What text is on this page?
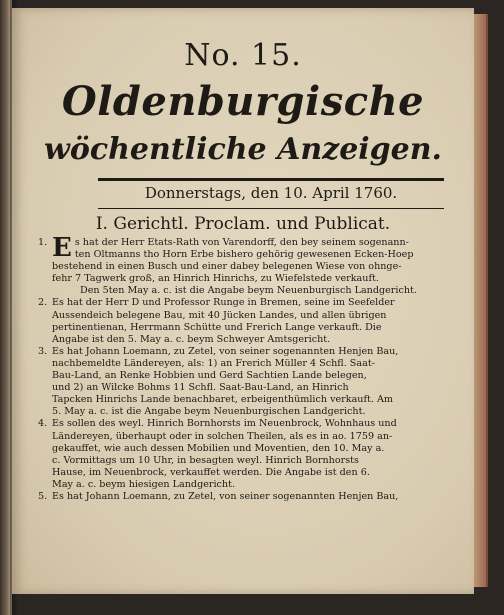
No. 15.
Oldenburgische
wöchentliche Anzeigen.
Donnerstags, den 10. April 1760.
I. Gerichtl. Proclam. und Publicat.
1. E s hat der Herr Etats-Rath von Varendorff, den bey seinem sogenann-
ten Oltmanns tho Horn Erbe bishero gehörig gewesenen Ecken-Hoep
bestehend in einen Busch und einer dabey belegenen Wiese von ohnge-
fehr 7 Tagwerk groß, an Hinrich Hinrichs, zu Wiefelstede verkauft.
Den 5ten May a. c. ist die Angabe beym Neuenburgisch Landgericht.
2. Es hat der Herr D und Professor Runge in Bremen, seine im Seefelder
Aussendeich belegene Bau, mit 40 Jücken Landes, und allen übrigen
pertinentienan, Herrmann Schütte und Frerich Lange verkauft. Die
Angabe ist den 5. May a. c. beym Schweyer Amtsgericht.
3. Es hat Johann Loemann, zu Zetel, von seiner sogenannten Henjen Bau,
nachbemeldte Ländereyen, als: 1) an Frerich Müller 4 Schfl. Saat-
Bau-Land, an Renke Hobbien und Gerd Sachtien Lande belegen,
und 2) an Wilcke Bohms 11 Schfl. Saat-Bau-Land, an Hinrich
Tapcken Hinrichs Lande benachbaret, erbeigenthümlich verkauft. Am
5. May a. c. ist die Angabe beym Neuenburgischen Landgericht.
4. Es sollen des weyl. Hinrich Bornhorsts im Neuenbrock, Wohnhaus und
Ländereyen, überhaupt oder in solchen Theilen, als es in ao. 1759 an-
gekauffet, wie auch dessen Mobilien und Moventien, den 10. May a.
c. Vormittags um 10 Uhr, in besagten weyl. Hinrich Bornhorsts
Hause, im Neuenbrock, verkauffet werden. Die Angabe ist den 6.
May a. c. beym hiesigen Landgericht.
5. Es hat Johann Loemann, zu Zetel, von seiner sogenannten Henjen Bau,
